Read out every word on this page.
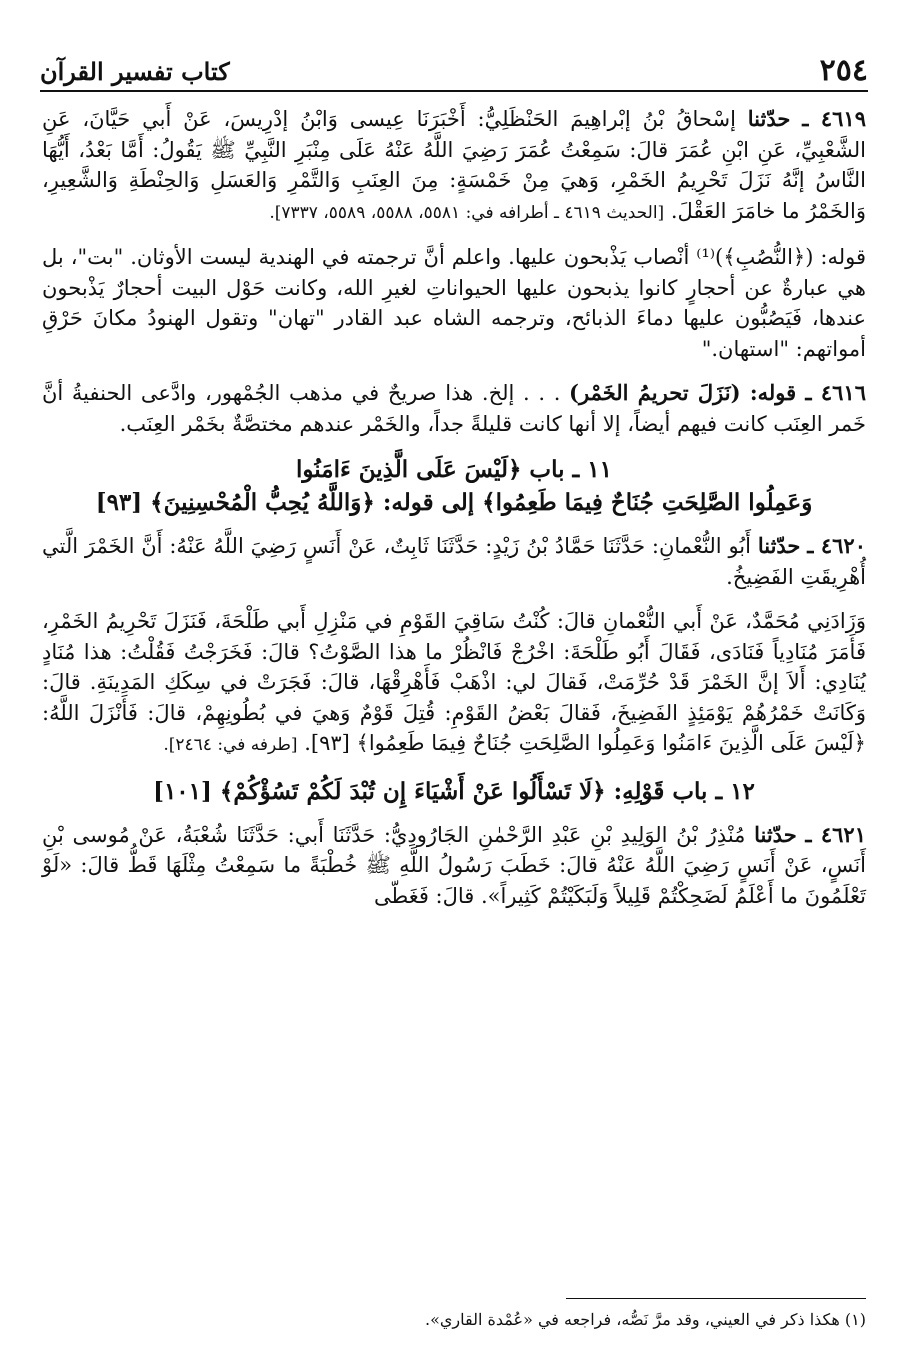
٢٥٤
كتاب تفسير القرآن

٤٦١٩ ـ حدّثنا إسْحاقُ بْنُ إبْراهِيمَ الحَنْظَلِيُّ: أَخْبَرَنَا عِيسى وَابْنُ إدْرِيسَ، عَنْ أَبي حَيَّانَ، عَنِ الشَّعْبِيِّ، عَنِ ابْنِ عُمَرَ قالَ: سَمِعْتُ عُمَرَ رَضِيَ اللَّهُ عَنْهُ عَلَى مِنْبَرِ النَّبِيِّ ﷺ يَقُولُ: أَمَّا بَعْدُ، أَيُّهَا النَّاسُ إنَّهُ نَزَلَ تَحْرِيمُ الخَمْرِ، وَهيَ مِنْ خَمْسَةٍ: مِنَ العِنَبِ وَالتَّمْرِ وَالعَسَلِ وَالحِنْطَةِ وَالشَّعِيرِ، وَالخَمْرُ ما خامَرَ العَقْلَ. [الحديث ٤٦١٩ ـ أطرافه في: ٥٥٨١، ٥٥٨٨، ٥٥٨٩، ٧٣٣٧].

قوله: (﴿النُّصُبِ﴾)⁽¹⁾ أنْصاب يَذْبحون عليها. واعلم أنَّ ترجمته في الهندية ليست الأوثان. "بت"، بل هي عبارةٌ عن أحجارٍ كانوا يذبحون عليها الحيواناتِ لغيرِ الله، وكانت حَوْل البيت أحجارٌ يَذْبحون عندها، فَيَصُبُّون عليها دماءَ الذبائح، وترجمه الشاه عبد القادر "تهان" وتقول الهنودُ مكانَ حَرْقِ أمواتهم: "استهان."

٤٦١٦ ـ قوله: (نَزَلَ تحريمُ الخَمْر) . . . إلخ. هذا صريحٌ في مذهب الجُمْهور، وادَّعى الحنفيةُ أنَّ خَمر العِنَب كانت فيهم أيضاً، إلا أنها كانت قليلةً جداً، والخَمْر عندهم مختصَّةٌ بخَمْر العِنَب.

١١ ـ باب ﴿لَيْسَ عَلَى الَّذِينَ ءَامَنُوا
وَعَمِلُوا الصَّلِحَتِ جُنَاحٌ فِيمَا طَعِمُوا﴾ إلى قوله: ﴿وَاللَّهُ يُحِبُّ الْمُحْسِنِينَ﴾ [٩٣]

٤٦٢٠ ـ حدّثنا أَبُو النُّعْمانِ: حَدَّثَنَا حَمَّادُ بْنُ زَيْدٍ: حَدَّثَنَا ثَابِتٌ، عَنْ أَنَسٍ رَضِيَ اللَّهُ عَنْهُ: أَنَّ الخَمْرَ الَّتي أُهْرِيقَتِ الفَضِيخُ.

وَزَادَنِي مُحَمَّدٌ، عَنْ أَبي النُّعْمانِ قالَ: كُنْتُ سَاقِيَ القَوْمِ في مَنْزِلِ أَبي طَلْحَةَ، فَنَزَلَ تَحْرِيمُ الخَمْرِ، فَأَمَرَ مُنَادِياً فَنَادَى، فَقَالَ أَبُو طَلْحَةَ: اخْرُجْ فَانْظُرْ ما هذا الصَّوْتُ؟ قالَ: فَخَرَجْتُ فَقُلْتُ: هذا مُنَادٍ يُنَادِي: أَلاَ إنَّ الخَمْرَ قَدْ حُرِّمَتْ، فَقالَ لي: اذْهَبْ فَأَهْرِقْهَا، قالَ: فَجَرَتْ في سِكَكِ المَدِينَةِ. قالَ: وَكَانَتْ خَمْرُهُمْ يَوْمَئِذٍ الفَضِيخَ، فَقالَ بَعْضُ القَوْمِ: قُتِلَ قَوْمٌ وَهيَ في بُطُونِهِمْ، قالَ: فَأَنْزَلَ اللَّهُ: ﴿لَيْسَ عَلَى الَّذِينَ ءَامَنُوا وَعَمِلُوا الصَّلِحَتِ جُنَاحٌ فِيمَا طَعِمُوا﴾ [٩٣]. [طرفه في: ٢٤٦٤].

١٢ ـ باب قَوْلِهِ: ﴿لَا تَسْأَلُوا عَنْ أَشْيَاءَ إِن تُبْدَ لَكُمْ تَسُؤْكُمْ﴾ [١٠١]

٤٦٢١ ـ حدّثنا مُنْذِرُ بْنُ الوَلِيدِ بْنِ عَبْدِ الرَّحْمٰنِ الجَارُودِيُّ: حَدَّثَنَا أَبي: حَدَّثَنَا شُعْبَةُ، عَنْ مُوسى بْنِ أَنَسٍ، عَنْ أَنَسٍ رَضِيَ اللَّهُ عَنْهُ قالَ: خَطَبَ رَسُولُ اللَّهِ ﷺ خُطْبَةً ما سَمِعْتُ مِثْلَهَا قَطُّ قالَ: «لَوْ تَعْلَمُونَ ما أَعْلَمُ لَضَحِكْتُمْ قَلِيلاً وَلَبَكَيْتُمْ كَثِيراً». قالَ: فَغَطّى

(١) هكذا ذكر في العيني، وقد مرَّ نَصُّه، فراجعه في «عُمْدة القاري».
